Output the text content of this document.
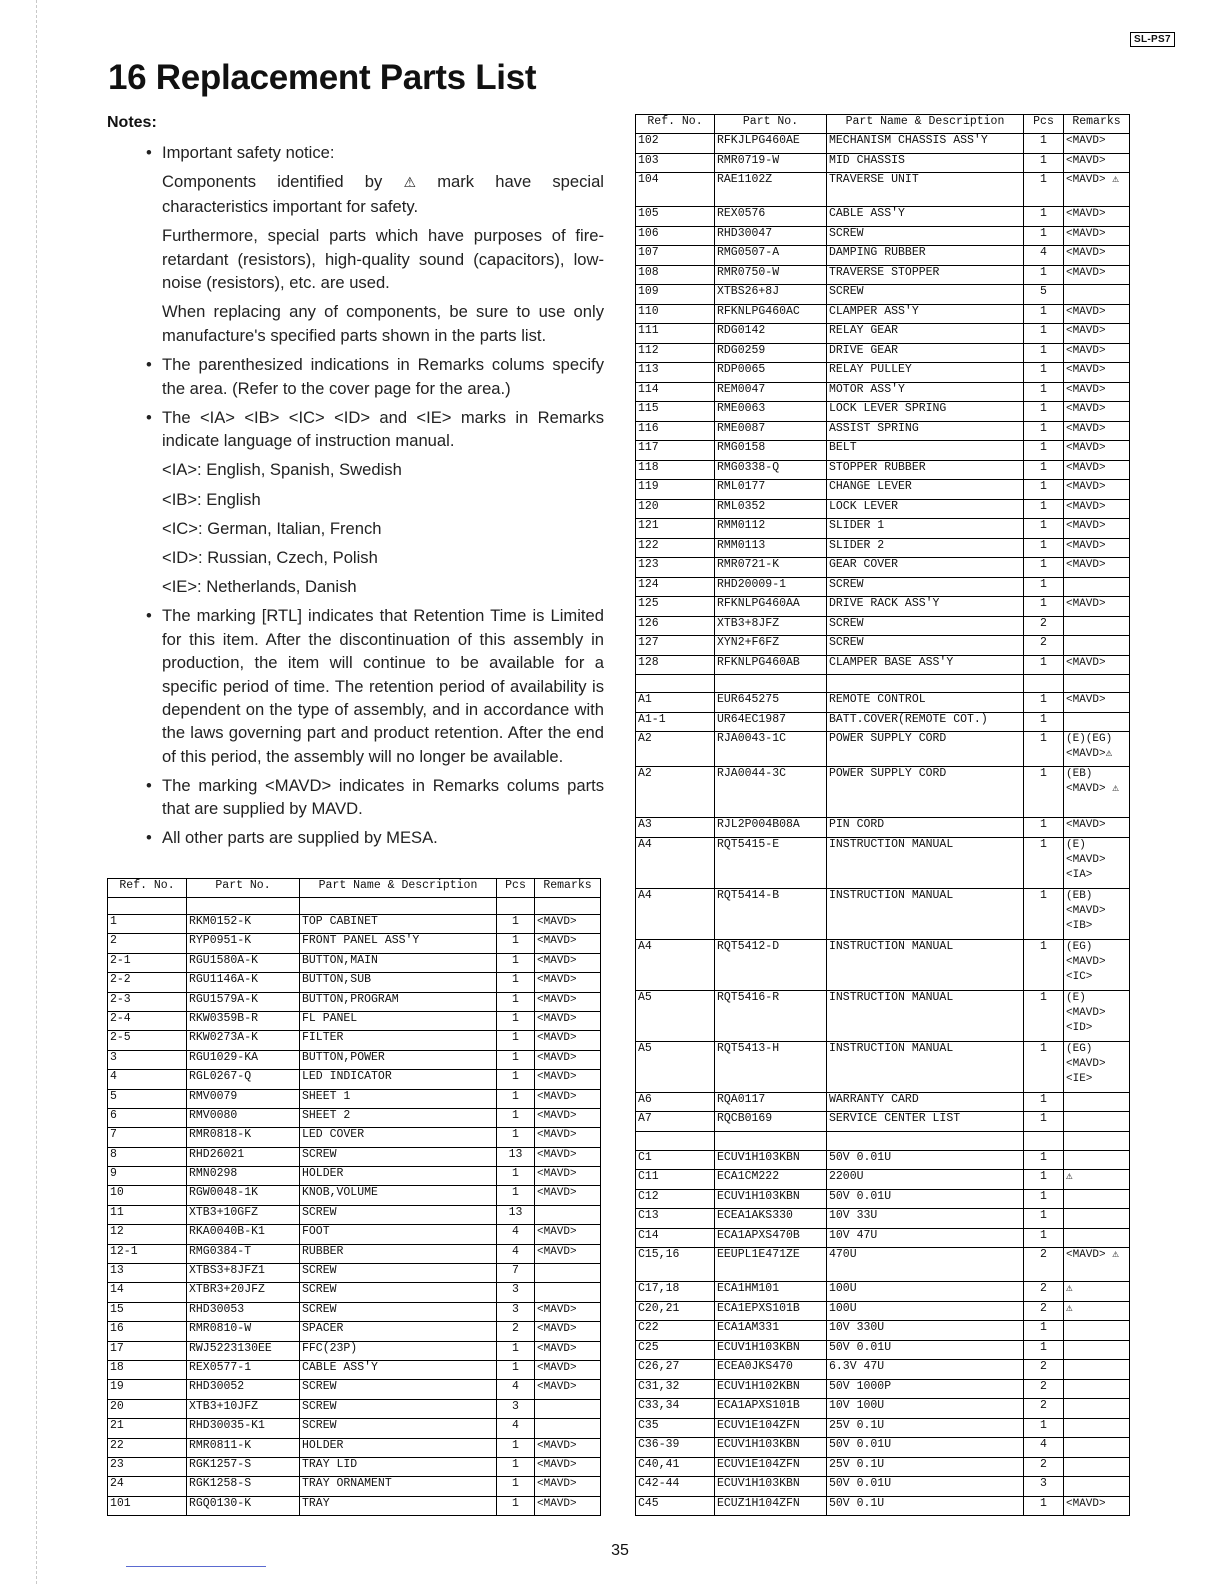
SL-PS7
16 Replacement Parts List
Notes:
• Important safety notice:

Components identified by ⚠ mark have special characteristics important for safety.

Furthermore, special parts which have purposes of fire-retardant (resistors), high-quality sound (capacitors), low-noise (resistors), etc. are used.

When replacing any of components, be sure to use only manufacture's specified parts shown in the parts list.

• The parenthesized indications in Remarks colums specify the area. (Refer to the cover page for the area.)
• The <IA> <IB> <IC> <ID> and <IE> marks in Remarks indicate language of instruction manual.

<IA>: English, Spanish, Swedish

<IB>: English

<IC>: German, Italian, French

<ID>: Russian, Czech, Polish

<IE>: Netherlands, Danish

• The marking [RTL] indicates that Retention Time is Limited for this item. After the discontinuation of this assembly in production, the item will continue to be available for a specific period of time. The retention period of availability is dependent on the type of assembly, and in accordance with the laws governing part and product retention. After the end of this period, the assembly will no longer be available.
• The marking <MAVD> indicates in Remarks colums parts that are supplied by MAVD.
• All other parts are supplied by MESA.
Ref. No.	Part No.	Part Name & Description	Pcs	Remarks

1	RKM0152-K	TOP CABINET	1	<MAVD>
2	RYP0951-K	FRONT PANEL ASS'Y	1	<MAVD>
2-1	RGU1580A-K	BUTTON,MAIN	1	<MAVD>
2-2	RGU1146A-K	BUTTON,SUB	1	<MAVD>
2-3	RGU1579A-K	BUTTON,PROGRAM	1	<MAVD>
2-4	RKW0359B-R	FL PANEL	1	<MAVD>
2-5	RKW0273A-K	FILTER	1	<MAVD>
3	RGU1029-KA	BUTTON,POWER	1	<MAVD>
4	RGL0267-Q	LED INDICATOR	1	<MAVD>
5	RMV0079	SHEET 1	1	<MAVD>
6	RMV0080	SHEET 2	1	<MAVD>
7	RMR0818-K	LED COVER	1	<MAVD>
8	RHD26021	SCREW	13	<MAVD>
9	RMN0298	HOLDER	1	<MAVD>
10	RGW0048-1K	KNOB,VOLUME	1	<MAVD>
11	XTB3+10GFZ	SCREW	13	
12	RKA0040B-K1	FOOT	4	<MAVD>
12-1	RMG0384-T	RUBBER	4	<MAVD>
13	XTBS3+8JFZ1	SCREW	7	
14	XTBR3+20JFZ	SCREW	3	
15	RHD30053	SCREW	3	<MAVD>
16	RMR0810-W	SPACER	2	<MAVD>
17	RWJ5223130EE	FFC(23P)	1	<MAVD>
18	REX0577-1	CABLE ASS'Y	1	<MAVD>
19	RHD30052	SCREW	4	<MAVD>
20	XTB3+10JFZ	SCREW	3	
21	RHD30035-K1	SCREW	4	
22	RMR0811-K	HOLDER	1	<MAVD>
23	RGK1257-S	TRAY LID	1	<MAVD>
24	RGK1258-S	TRAY ORNAMENT	1	<MAVD>
101	RGQ0130-K	TRAY	1	<MAVD>
Ref. No.	Part No.	Part Name & Description	Pcs	Remarks
102	RFKJLPG460AE	MECHANISM CHASSIS ASS'Y	1	<MAVD>
103	RMR0719-W	MID CHASSIS	1	<MAVD>
104	RAE1102Z	TRAVERSE UNIT	1	<MAVD> ⚠
105	REX0576	CABLE ASS'Y	1	<MAVD>
106	RHD30047	SCREW	1	<MAVD>
107	RMG0507-A	DAMPING RUBBER	4	<MAVD>
108	RMR0750-W	TRAVERSE STOPPER	1	<MAVD>
109	XTBS26+8J	SCREW	5	
110	RFKNLPG460AC	CLAMPER ASS'Y	1	<MAVD>
111	RDG0142	RELAY GEAR	1	<MAVD>
112	RDG0259	DRIVE GEAR	1	<MAVD>
113	RDP0065	RELAY PULLEY	1	<MAVD>
114	REM0047	MOTOR ASS'Y	1	<MAVD>
115	RME0063	LOCK LEVER SPRING	1	<MAVD>
116	RME0087	ASSIST SPRING	1	<MAVD>
117	RMG0158	BELT	1	<MAVD>
118	RMG0338-Q	STOPPER RUBBER	1	<MAVD>
119	RML0177	CHANGE LEVER	1	<MAVD>
120	RML0352	LOCK LEVER	1	<MAVD>
121	RMM0112	SLIDER 1	1	<MAVD>
122	RMM0113	SLIDER 2	1	<MAVD>
123	RMR0721-K	GEAR COVER	1	<MAVD>
124	RHD20009-1	SCREW	1	
125	RFKNLPG460AA	DRIVE RACK ASS'Y	1	<MAVD>
126	XTB3+8JFZ	SCREW	2	
127	XYN2+F6FZ	SCREW	2	
128	RFKNLPG460AB	CLAMPER BASE ASS'Y	1	<MAVD>

A1	EUR645275	REMOTE CONTROL	1	<MAVD>
A1-1	UR64EC1987	BATT.COVER(REMOTE COT.)	1	
A2	RJA0043-1C	POWER SUPPLY CORD	1	(E)(EG) <MAVD>⚠
A2	RJA0044-3C	POWER SUPPLY CORD	1	(EB) <MAVD> ⚠
A3	RJL2P004B08A	PIN CORD	1	<MAVD>
A4	RQT5415-E	INSTRUCTION MANUAL	1	(E) <MAVD> <IA>
A4	RQT5414-B	INSTRUCTION MANUAL	1	(EB) <MAVD> <IB>
A4	RQT5412-D	INSTRUCTION MANUAL	1	(EG) <MAVD> <IC>
A5	RQT5416-R	INSTRUCTION MANUAL	1	(E) <MAVD> <ID>
A5	RQT5413-H	INSTRUCTION MANUAL	1	(EG) <MAVD> <IE>
A6	RQA0117	WARRANTY CARD	1	
A7	RQCB0169	SERVICE CENTER LIST	1	

C1	ECUV1H103KBN	50V 0.01U	1	
C11	ECA1CM222	2200U	1	⚠
C12	ECUV1H103KBN	50V 0.01U	1	
C13	ECEA1AKS330	10V 33U	1	
C14	ECA1APXS470B	10V 47U	1	
C15,16	EEUPL1E471ZE	470U	2	<MAVD> ⚠
C17,18	ECA1HM101	100U	2	⚠
C20,21	ECA1EPXS101B	100U	2	⚠
C22	ECA1AM331	10V 330U	1	
C25	ECUV1H103KBN	50V 0.01U	1	
C26,27	ECEA0JKS470	6.3V 47U	2	
C31,32	ECUV1H102KBN	50V 1000P	2	
C33,34	ECA1APXS101B	10V 100U	2	
C35	ECUV1E104ZFN	25V 0.1U	1	
C36-39	ECUV1H103KBN	50V 0.01U	4	
C40,41	ECUV1E104ZFN	25V 0.1U	2	
C42-44	ECUV1H103KBN	50V 0.01U	3	
C45	ECUZ1H104ZFN	50V 0.1U	1	<MAVD>
35
